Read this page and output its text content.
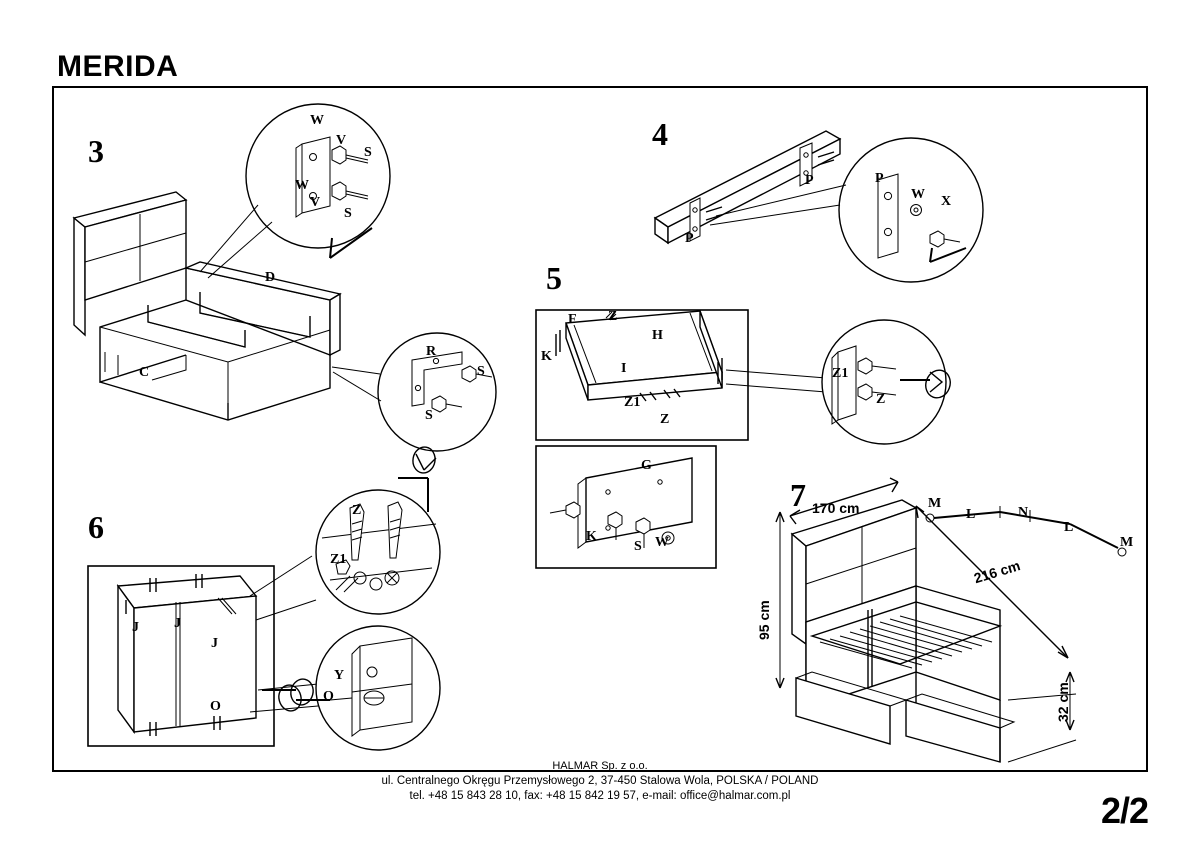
MERIDA
3
C
D
W
V
S
W
V
S
R
S
S
4
P
P
P
W X
5
F Z
H
K
I
Z1
Z
Z1
Z
G
K
S W
6
J	J
J
O
Z
Z1
Y
O
7 170 cm
216 cm
95 cm
32 cm
M
L	N
L
M
HALMAR Sp. z o.o.
ul. Centralnego Okręgu Przemysłowego 2, 37-450 Stalowa Wola, POLSKA / POLAND
tel. +48 15 843 28 10, fax: +48 15 842 19 57, e-mail: office@halmar.com.pl	2/2
